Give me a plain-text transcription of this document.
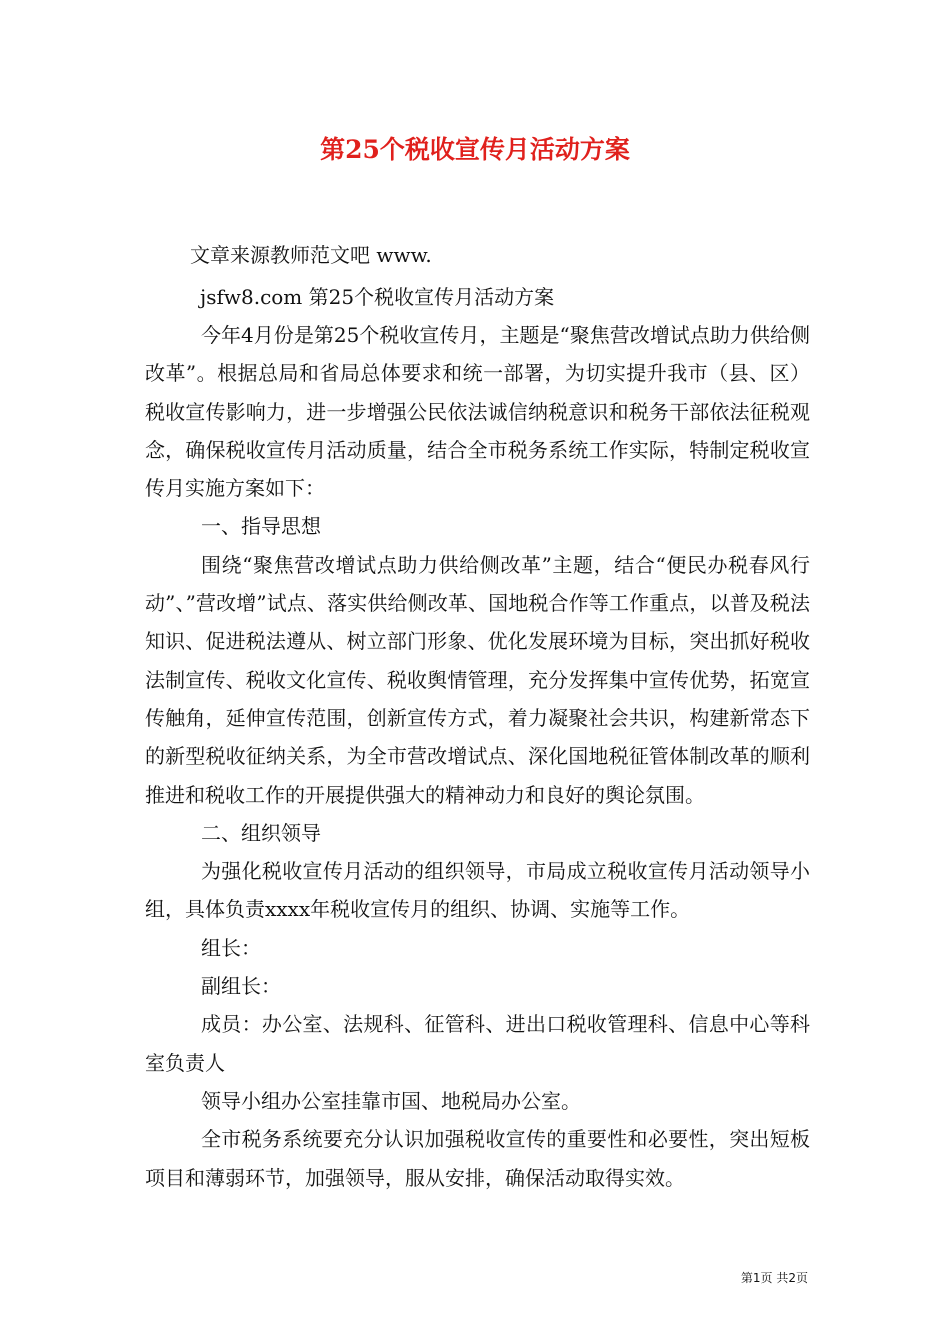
第25个税收宣传月活动方案
文章来源教师范文吧 www.
jsfw8.com 第25个税收宣传月活动方案

今年4月份是第25个税收宣传月，主题是“聚焦营改增试点助力供给侧改革”。根据总局和省局总体要求和统一部署，为切实提升我市（县、区）税收宣传影响力，进一步增强公民依法诚信纳税意识和税务干部依法征税观念，确保税收宣传月活动质量，结合全市税务系统工作实际，特制定税收宣传月实施方案如下：

一、指导思想

围绕“聚焦营改增试点助力供给侧改革”主题，结合“便民办税春风行动”、”营改增”试点、落实供给侧改革、国地税合作等工作重点，以普及税法知识、促进税法遵从、树立部门形象、优化发展环境为目标，突出抓好税收法制宣传、税收文化宣传、税收舆情管理，充分发挥集中宣传优势，拓宽宣传触角，延伸宣传范围，创新宣传方式，着力凝聚社会共识，构建新常态下的新型税收征纳关系，为全市营改增试点、深化国地税征管体制改革的顺利推进和税收工作的开展提供强大的精神动力和良好的舆论氛围。

二、组织领导

为强化税收宣传月活动的组织领导，市局成立税收宣传月活动领导小组，具体负责xxxx年税收宣传月的组织、协调、实施等工作。

组长：

副组长：

成员：办公室、法规科、征管科、进出口税收管理科、信息中心等科室负责人

领导小组办公室挂靠市国、地税局办公室。

全市税务系统要充分认识加强税收宣传的重要性和必要性，突出短板项目和薄弱环节，加强领导，服从安排，确保活动取得实效。

第1页 共2页
